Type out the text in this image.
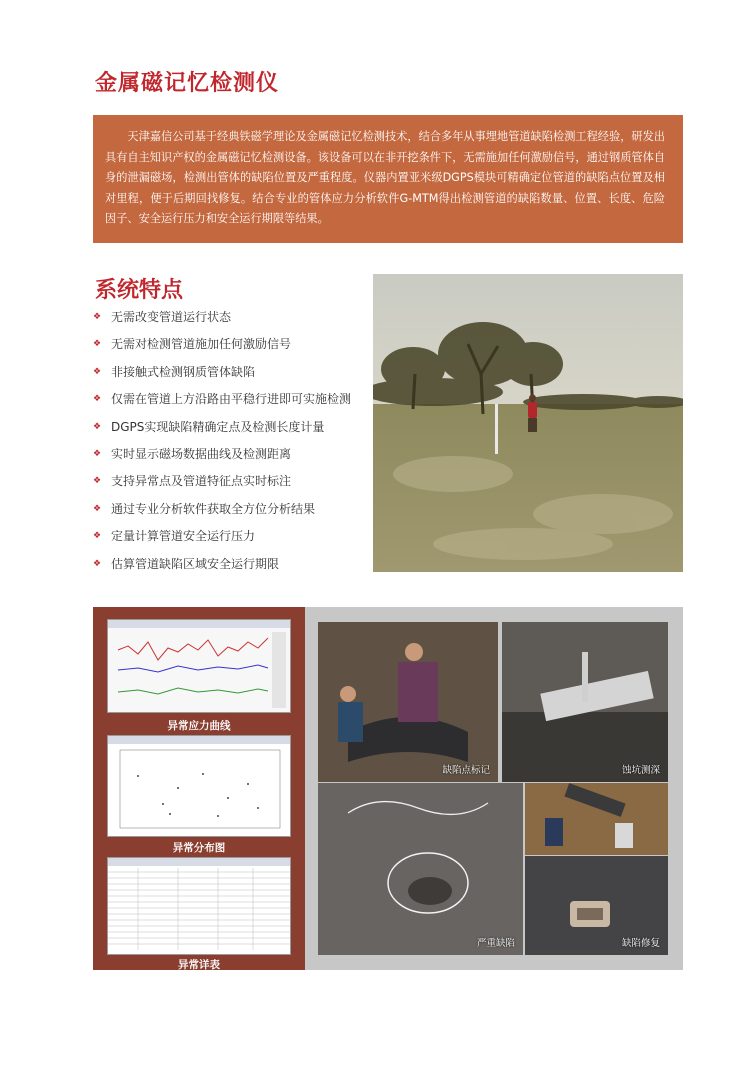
金属磁记忆检测仪
天津嘉信公司基于经典铁磁学理论及金属磁记忆检测技术，结合多年从事埋地管道缺陷检测工程经验，研发出具有自主知识产权的金属磁记忆检测设备。该设备可以在非开挖条件下，无需施加任何激励信号，通过钢质管体自身的泄漏磁场，检测出管体的缺陷位置及严重程度。仪器内置亚米级DGPS模块可精确定位管道的缺陷点位置及相对里程，便于后期回找修复。结合专业的管体应力分析软件G-MTM得出检测管道的缺陷数量、位置、长度、危险因子、安全运行压力和安全运行期限等结果。
系统特点
❖ 无需改变管道运行状态
❖ 无需对检测管道施加任何激励信号
❖ 非接触式检测钢质管体缺陷
❖ 仅需在管道上方沿路由平稳行进即可实施检测
❖ DGPS实现缺陷精确定点及检测长度计量
❖ 实时显示磁场数据曲线及检测距离
❖ 支持异常点及管道特征点实时标注
❖ 通过专业分析软件获取全方位分析结果
❖ 定量计算管道安全运行压力
❖ 估算管道缺陷区域安全运行期限
异常应力曲线
异常分布图
异常详表
缺陷点标记	蚀坑测深
严重缺陷	缺陷修复
